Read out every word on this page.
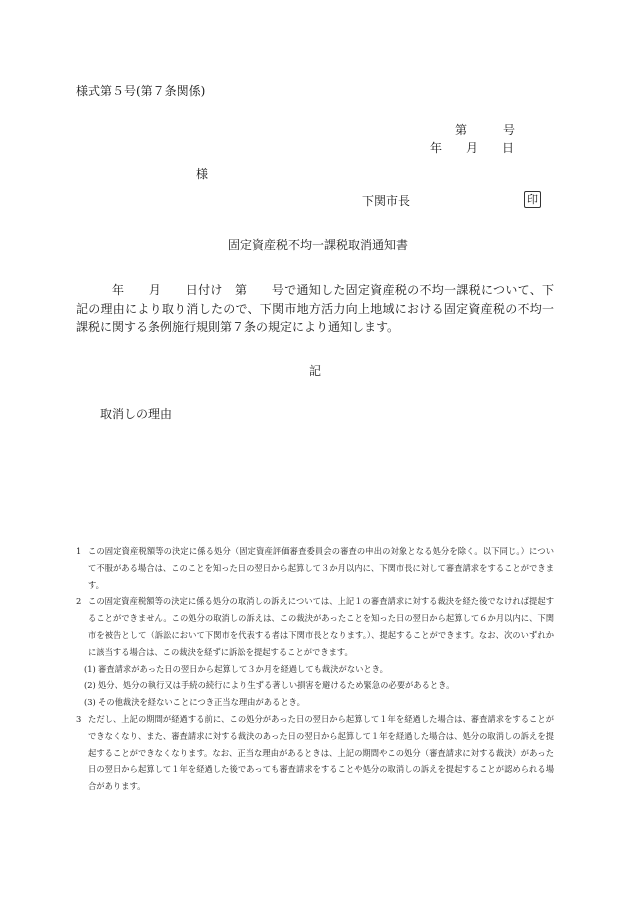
様式第５号(第７条関係)
第　　　号
年　　月　　日
様
下関市長	印
固定資産税不均一課税取消通知書
年　　月　　日付け　第　　号で通知した固定資産税の不均一課税について、下記の理由により取り消したので、下関市地方活力向上地域における固定資産税の不均一課税に関する条例施行規則第７条の規定により通知します。
記
取消しの理由
1 この固定資産税額等の決定に係る処分（固定資産評価審査委員会の審査の申出の対象となる処分を除く。以下同じ。）について不服がある場合は、このことを知った日の翌日から起算して３か月以内に、下関市長に対して審査請求をすることができます。
2 この固定資産税額等の決定に係る処分の取消しの訴えについては、上記１の審査請求に対する裁決を経た後でなければ提起することができません。この処分の取消しの訴えは、この裁決があったことを知った日の翌日から起算して６か月以内に、下関市を被告として（訴訟において下関市を代表する者は下関市長となります。）、提起することができます。なお、次のいずれかに該当する場合は、この裁決を経ずに訴訟を提起することができます。
(1) 審査請求があった日の翌日から起算して３か月を経過しても裁決がないとき。
(2) 処分、処分の執行又は手続の続行により生ずる著しい損害を避けるため緊急の必要があるとき。
(3) その他裁決を経ないことにつき正当な理由があるとき。
3 ただし、上記の期間が経過する前に、この処分があった日の翌日から起算して１年を経過した場合は、審査請求をすることができなくなり、また、審査請求に対する裁決のあった日の翌日から起算して１年を経過した場合は、処分の取消しの訴えを提起することができなくなります。なお、正当な理由があるときは、上記の期間やこの処分（審査請求に対する裁決）があった日の翌日から起算して１年を経過した後であっても審査請求をすることや処分の取消しの訴えを提起することが認められる場合があります。
